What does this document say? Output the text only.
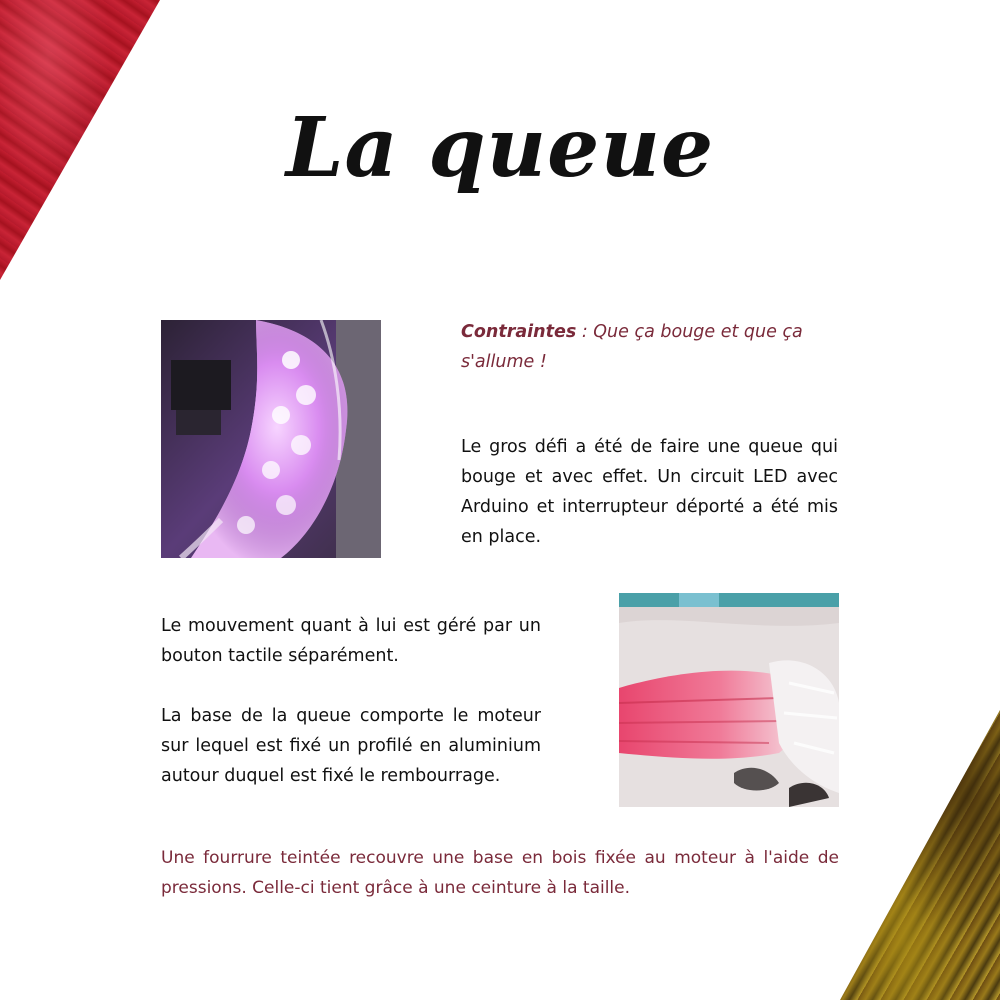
La queue

Contraintes : Que ça bouge et que ça s'allume !

Le gros défi a été de faire une queue qui bouge et avec effet. Un circuit LED avec Arduino et interrupteur déporté a été mis en place.

Le mouvement quant à lui est géré par un bouton tactile séparément.

La base de la queue comporte le moteur sur lequel est fixé un profilé en aluminium autour duquel est fixé le rembourrage.

Une fourrure teintée recouvre une base en bois fixée au moteur à l'aide de pressions. Celle-ci tient grâce à une ceinture à la taille.
